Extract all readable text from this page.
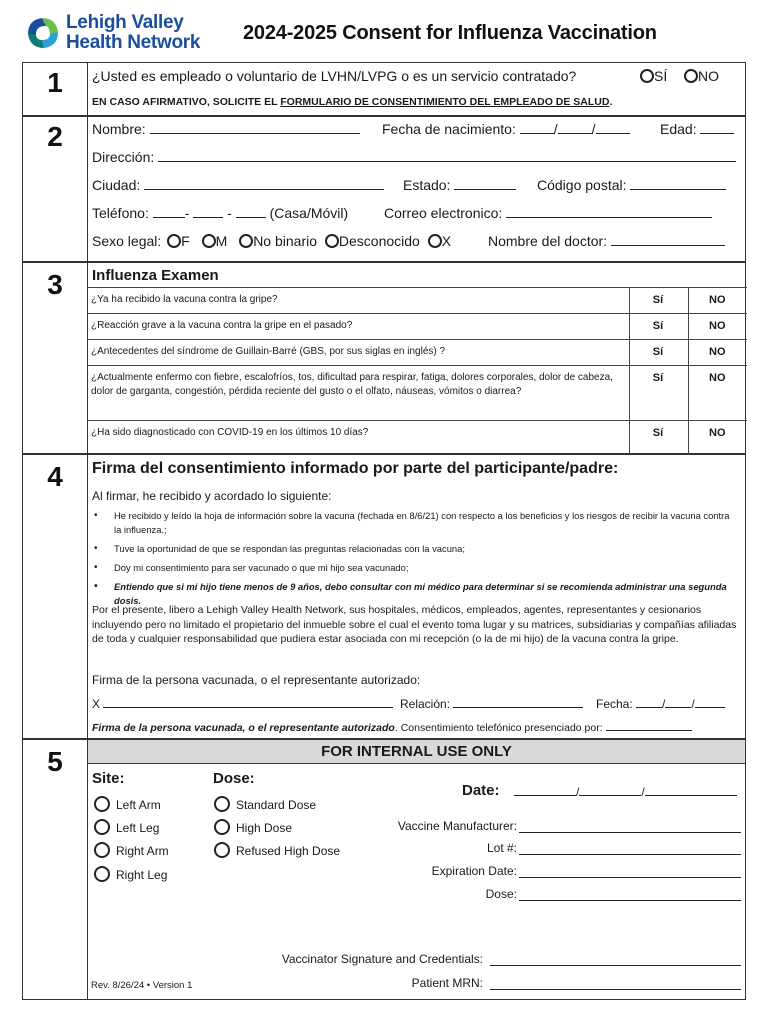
Lehigh Valley
Health Network 2024-2025 Consent for Influenza Vaccination
1	¿Usted es empleado o voluntario de LVHN/LVPG o es un servicio contratado?	SÍ	NO
EN CASO AFIRMATIVO, SOLICITE EL FORMULARIO DE CONSENTIMIENTO DEL EMPLEADO DE SALUD.
2	Nombre:	Fecha de nacimiento: / /	Edad:
Dirección:
Ciudad:	Estado:	Código postal:
Teléfono: -  -  (Casa/Móvil)	Correo electronico:
Sexo legal: F M No binario Desconocido X	Nombre del doctor:
3	Influenza Examen
¿Ya ha recibido la vacuna contra la gripe?	Sí	NO
¿Reacción grave a la vacuna contra la gripe en el pasado?	Sí	NO
¿Antecedentes del síndrome de Guillain-Barré (GBS, por sus siglas en inglés) ?	Sí	NO
¿Actualmente enfermo con fiebre, escalofríos, tos, dificultad para respirar, fatiga, dolores corporales, dolor de cabeza, dolor de garganta, congestión, pérdida reciente del gusto o el olfato, náuseas, vómitos o diarrea?	Sí	NO
¿Ha sido diagnosticado con COVID-19 en los últimos 10 días?	Sí	NO
4	Firma del consentimiento informado por parte del participante/padre:
Al firmar, he recibido y acordado lo siguiente:
• He recibido y leído la hoja de información sobre la vacuna (fechada en 8/6/21) con respecto a los beneficios y los riesgos de recibir la vacuna contra la influenza.;
• Tuve la oportunidad de que se respondan las preguntas relacionadas con la vacuna;
• Doy mi consentimiento para ser vacunado o que mi hijo sea vacunado;
• Entiendo que si mi hijo tiene menos de 9 años, debo consultar con mi médico para determinar si se recomienda administrar una segunda dosis.
Por el presente, libero a Lehigh Valley Health Network, sus hospitales, médicos, empleados, agentes, representantes y cesionarios incluyendo pero no limitado el propietario del inmueble sobre el cual el evento toma lugar y su matrices, subsidiarias y compañías afiliadas de toda y cualquier responsabilidad que pudiera estar asociada con mi recepción (o la de mi hijo) de la vacuna contra la gripe.
Firma de la persona vacunada, o el representante autorizado:
X	Relación:	Fecha: / /
Firma de la persona vacunada, o el representante autorizado. Consentimiento telefónico presenciado por:
5	FOR INTERNAL USE ONLY
Site:
Left Arm
Left Leg
Right Arm
Right Leg
Dose:
Standard Dose
High Dose
Refused High Dose
Date:	/	/
Vaccine Manufacturer:
Lot #:
Expiration Date:
Dose:
Vaccinator Signature and Credentials:
Patient MRN:
Rev. 8/26/24 • Version 1
